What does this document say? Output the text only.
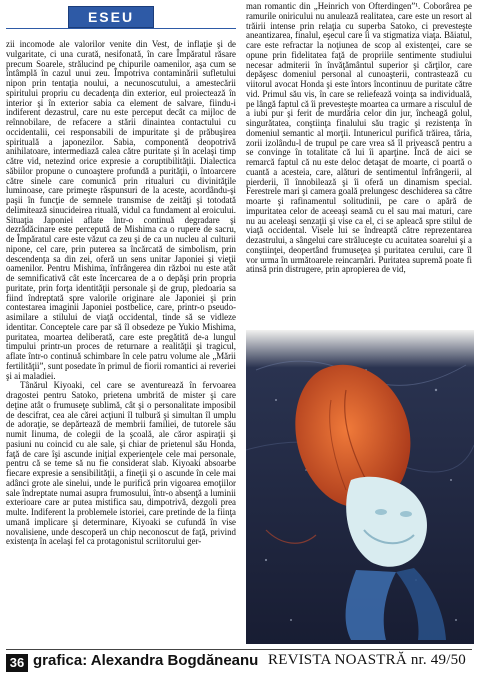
ESEU

zii incomode ale valorilor venite din Vest, de inflaţie şi de vulgaritate, ci una curată, nesifonată, în care Împăratul răsare precum Soarele, strălucind pe chipurile oamenilor, aşa cum se întâmplă în cazul unui zeu. Împotriva contaminării sufletului nipon prin tentaţia noului, a necunoscutului, a amestecării spiritului propriu cu decadenţa din exterior, eul proiectează în interior şi în exterior sabia ca element de salvare, fiindu-i indiferent dezastrul, care nu este perceput decât ca mijloc de reînnobilare, de refacere a stării dinaintea contactului cu occidentalii, cei responsabili de impuritate şi de prăbuşirea spirituală a japonezilor. Sabia, componentă deopotrivă anihilatoare, intermediază calea către puritate şi în acelaşi timp către vid, netezind orice expresie a coruptibilităţii. Dialectica săbiilor propune o cunoaştere profundă a purităţii, o întoarcere către sinele care comunică prin ritualuri cu divinităţile luminoase, care primeşte răspunsuri de la aceste, acordându-şi paşii în funcţie de semnele transmise de zeităţi şi totodată delimitează sinucideirea rituală, vidul ca fundament al eroicului. Situaţia Japoniei aflate într-o continuă degradare şi dezrădăcinare este percepută de Mishima ca o rupere de sacru, de Împăratul care este văzut ca zeu şi de ca un nucleu al culturii nipone, cel care, prin puterea sa încărcată de simbolism, prin descendenţa sa din zei, oferă un sens unitar Japoniei şi vieţii oamenilor. Pentru Mishima, înfrângerea din război nu este atât de semnificativă cât este încercarea de a o depăşi prin propria puritate, prin forţa identităţii personale şi de grup, pledoaria sa fiind îndreptată spre valorile originare ale Japoniei şi prin contestarea imaginii Japoniei postbelice, care, printr-o pseudo-asimilare a stilului de viaţă occidental, tinde să se vidleze identitar. Conceptele care par să îl obsedeze pe Yukio Mishima, puritatea, moartea deliberată, care este pregătită de-a lungul timpului printr-un proces de returnare a realităţii şi tragicul, aflate într-o continuă schimbare în cele patru volume ale „Mării fertilităţii”, sunt posedate în primul de fiorii romantici ai reveriei şi ai maladiei.

Tânărul Kiyoaki, cel care se aventurează în fervoarea dragostei pentru Satoko, prietena umbrită de mister şi care deţine atât o frumuseţe sublimă, cât şi o personalitate imposibil de descifrat, cea ale cărei acţiuni îl tulbură şi simultan îl umplu de adoraţie, se depărtează de membrii familiei, de tutorele său numit Iinuma, de colegii de la şcoală, ale căror aspiraţii şi pasiuni nu coincid cu ale sale, şi chiar de prietenul său Honda, faţă de care îşi ascunde iniţial experienţele cele mai personale, pentru că se teme să nu fie considerat slab. Kiyoaki absoarbe fiecare expresie a sensibilităţii, a fineţii şi o ascunde în cele mai adânci grote ale sinelui, unde le purifică prin vigoarea emoţiilor sale îndreptate numai asupra frumosului, într-o absenţă a luminii exterioare care ar putea mistifica sau, dimpotrivă, dezgoli prea multe. Indiferent la problemele istoriei, care pretinde de la fiinţa umană implicare şi determinare, Kiyoaki se cufundă în vise novalisiene, unde descoperă un chip neconoscut de faţă, privind existenţa în acelaşi fel ca protagonistul scriitorului ger-

man romantic din „Heinrich von Ofterdingen”¹. Coborârea pe ramurile oniricului nu anulează realitatea, care este un resort al trăirii intense prin relaţia cu superba Satoko, ci prevesteşte aneantizarea, finalul, eşecul care îi va stigmatiza viaţa. Băiatul, care este refractar la noţiunea de scop al existenţei, care se opune prin fidelitatea faţă de propriile sentimente studiului necesar admiterii în învăţământul superior şi cărţilor, care depăşesc domeniul personal al cunoaşterii, contrastează cu viitorul avocat Honda şi este întors încontinuu de puritate către vid. Primul său vis, în care se reliefează voinţa sa individuală, pe lângă faptul că îi prevesteşte moartea ca urmare a risculuI de a iubi pur şi ferit de murdăria celor din jur, încheagă golul, singurătatea, conştiinţa finalului său tragic şi rezistenţa în domeniul semantic al morţii. Intunericul purifică trăirea, tăria, zorii izolându-l de trupul pe care vrea să îl privească pentru a se convinge în totalitate că lui îi aparţine. Încă de aici se remarcă faptul că nu este deloc detaşat de moarte, ci poartă o cuantă a acesteia, care, alături de sentimentul înfrângerii, al pierderii, îl înnobilează şi îi oferă un dinamism special. Ferestrele mari şi camera goală prelungesc deschiderea sa către moarte şi rafinamentul solitudinii, pe care o apără de impuritatea celor de aceeaşi seamă cu el sau mai maturi, care nu au aceleaşi senzaţii şi vise ca el, ci se apleacă spre stilul de viaţă occidental. Visele lui se îndreaptă către reprezentarea dezastrului, a sângelui care străluceşte cu acuitatea soarelui şi a conştiinţei, deopertând frumuseţea şi puritatea cerului, care îl vor urma în următoarele reincarnări. Puritatea supremă poate fi atinsă prin distrugere, prin apropierea de vid,

36 grafica: Alexandra Bogdăneanu REVISTA NOASTRĂ nr. 49/50
